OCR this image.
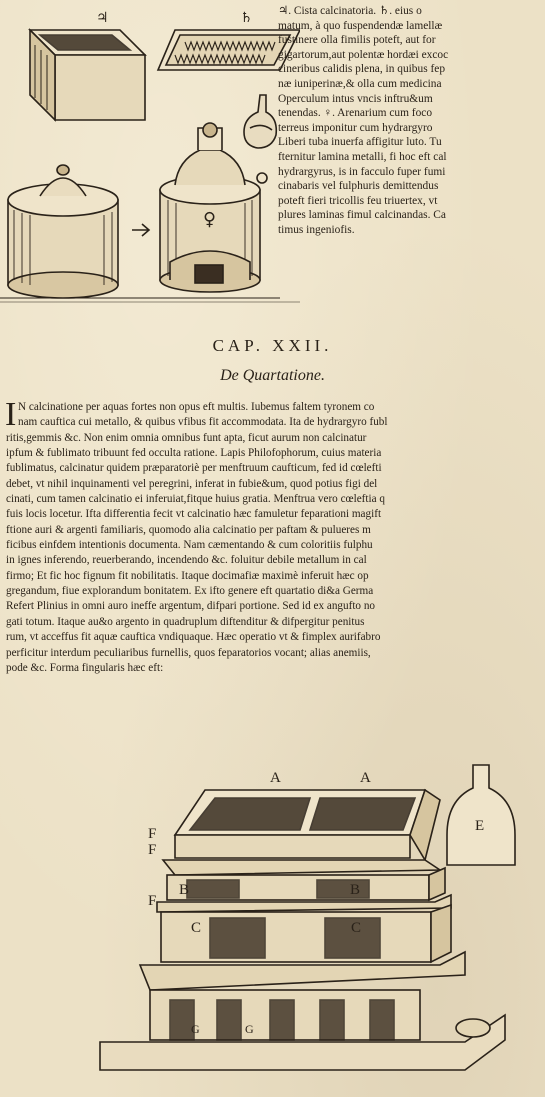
♃	♄
♀
♃. Cista calcinatoria. ♄. eius o
matum, à quo fuspendendæ lamellæ
fustinere olla fimilis poteft, aut for
gigartorum,aut polentæ hordæi excoc
cineribus calidis plena, in quibus fep
næ iuniperinæ,& olla cum medicina
Operculum intus vncis inftru&um
tenendas. ♀. Arenarium cum foco
terreus imponitur cum hydrargyro
Liberi tuba inuerfa affigitur luto. Tu
fternitur lamina metalli, fi hoc eft cal
hydrargyrus, is in facculo fuper fumi
cinabaris vel fulphuris demittendus
poteft fieri tricollis feu triuertex, vt
plures laminas fimul calcinandas. Ca
timus ingeniofis.
CAP. XXII.
De Quartatione.
I N calcinatione per aquas fortes non opus eft multis. Iubemus faltem tyronem co
nam cauftica cui metallo, & quibus vfibus fit accommodata. Ita de hydrargyro fubl
ritis,gemmis &c. Non enim omnia omnibus funt apta, ficut aurum non calcinatur
ipfum & fublimato tribuunt fed occulta ratione. Lapis Philofophorum, cuius materia
fublimatus, calcinatur quidem præparatoriè per menftruum caufticum, fed id cœlefti
debet, vt nihil inquinamenti vel peregrini, inferat in fubie&um, quod potius figi del
cinati, cum tamen calcinatio ei inferuiat,fitque huius gratia. Menftrua vero cœleftia q
fuis locis locetur. Ifta differentia fecit vt calcinatio hæc famuletur feparationi magift
ftione auri & argenti familiaris, quomodo alia calcinatio per paftam & pulueres m
ficibus einfdem intentionis documenta. Nam cæmentando & cum coloritiis fulphu
in ignes inferendo, reuerberando, incendendo &c. foluitur debile metallum in cal
firmo; Et fic hoc fignum fit nobilitatis. Itaque docimafiæ maximè inferuit hæc op
gregandum, fiue explorandum bonitatem. Ex ifto genere eft quartatio di&a Germa
Refert Plinius in omni auro ineffe argentum, difpari portione. Sed id ex angufto no
gati totum. Itaque au&o argento in quadruplum diftenditur & difpergitur penitus
rum, vt acceffus fit aquæ cauftica vndiquaque. Hæc operatio vt & fimplex aurifabro
perficitur interdum peculiaribus furnellis, quos feparatorios vocant; alias anemiis,
pode &c. Forma fingularis hæc eft:
A	A
B	B
C	C
E
F
F
F
G	G
